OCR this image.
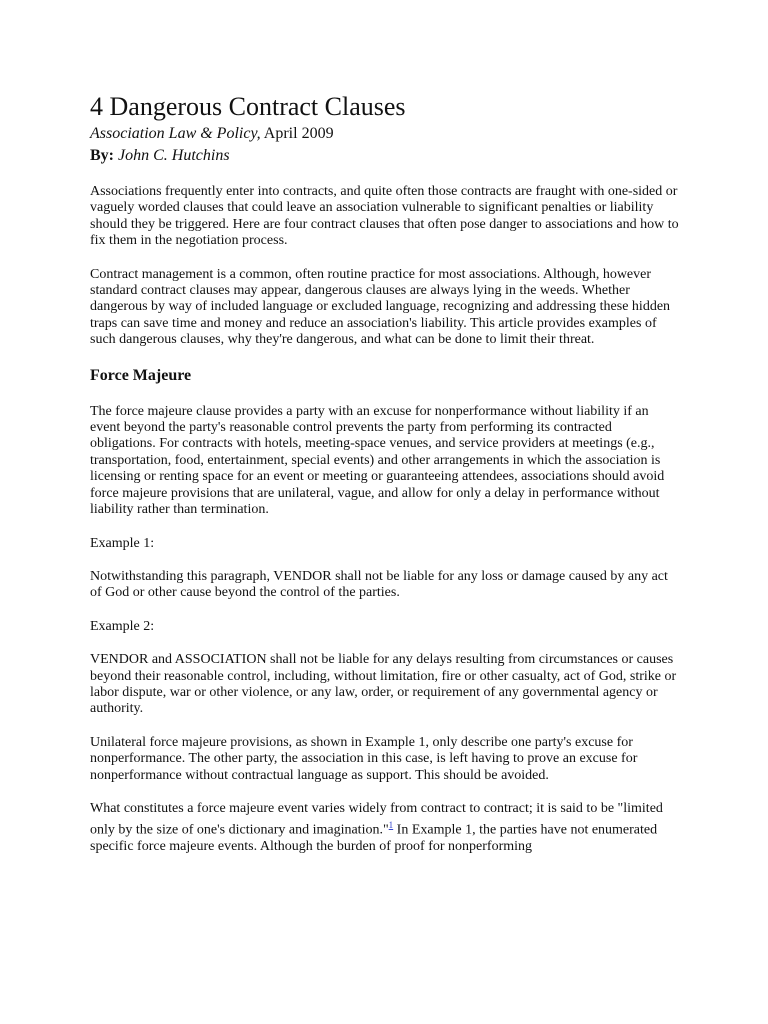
4 Dangerous Contract Clauses
Association Law & Policy, April 2009
By: John C. Hutchins

Associations frequently enter into contracts, and quite often those contracts are fraught with one-sided or vaguely worded clauses that could leave an association vulnerable to significant penalties or liability should they be triggered. Here are four contract clauses that often pose danger to associations and how to fix them in the negotiation process.

Contract management is a common, often routine practice for most associations. Although, however standard contract clauses may appear, dangerous clauses are always lying in the weeds. Whether dangerous by way of included language or excluded language, recognizing and addressing these hidden traps can save time and money and reduce an association's liability. This article provides examples of such dangerous clauses, why they're dangerous, and what can be done to limit their threat.

Force Majeure

The force majeure clause provides a party with an excuse for nonperformance without liability if an event beyond the party's reasonable control prevents the party from performing its contracted obligations. For contracts with hotels, meeting-space venues, and service providers at meetings (e.g., transportation, food, entertainment, special events) and other arrangements in which the association is licensing or renting space for an event or meeting or guaranteeing attendees, associations should avoid force majeure provisions that are unilateral, vague, and allow for only a delay in performance without liability rather than termination.

Example 1:

Notwithstanding this paragraph, VENDOR shall not be liable for any loss or damage caused by any act of God or other cause beyond the control of the parties.

Example 2:

VENDOR and ASSOCIATION shall not be liable for any delays resulting from circumstances or causes beyond their reasonable control, including, without limitation, fire or other casualty, act of God, strike or labor dispute, war or other violence, or any law, order, or requirement of any governmental agency or authority.

Unilateral force majeure provisions, as shown in Example 1, only describe one party's excuse for nonperformance. The other party, the association in this case, is left having to prove an excuse for nonperformance without contractual language as support. This should be avoided.

What constitutes a force majeure event varies widely from contract to contract; it is said to be "limited only by the size of one's dictionary and imagination."$^1$ In Example 1, the parties have not enumerated specific force majeure events. Although the burden of proof for nonperforming
